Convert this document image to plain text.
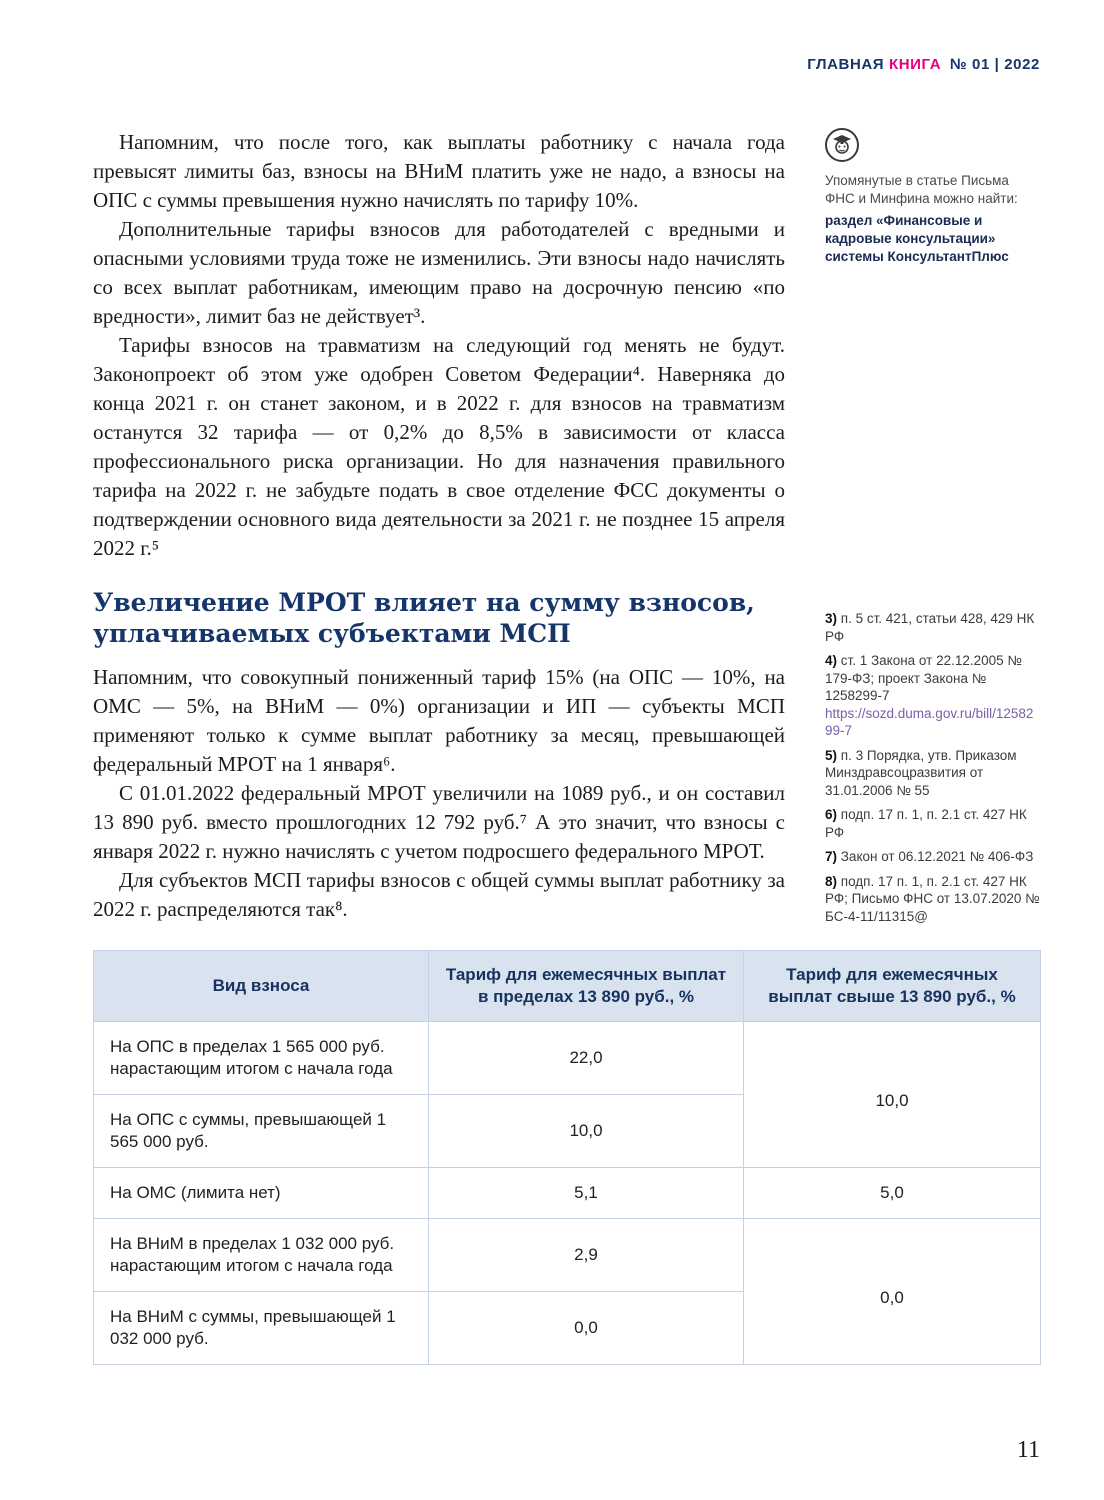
ГЛАВНАЯ КНИГА № 01 | 2022

Напомним, что после того, как выплаты работнику с начала года превысят лимиты баз, взносы на ВНиМ платить уже не надо, а взносы на ОПС с суммы превышения нужно начислять по тарифу 10%.

Дополнительные тарифы взносов для работодателей с вредными и опасными условиями труда тоже не изменились. Эти взносы надо начислять со всех выплат работникам, имеющим право на досрочную пенсию «по вредности», лимит баз не действует³.

Тарифы взносов на травматизм на следующий год менять не будут. Законопроект об этом уже одобрен Советом Федерации⁴. Наверняка до конца 2021 г. он станет законом, и в 2022 г. для взносов на травматизм останутся 32 тарифа — от 0,2% до 8,5% в зависимости от класса профессионального риска организации. Но для назначения правильного тарифа на 2022 г. не забудьте подать в свое отделение ФСС документы о подтверждении основного вида деятельности за 2021 г. не позднее 15 апреля 2022 г.⁵

Увеличение МРОТ влияет на сумму взносов, уплачиваемых субъектами МСП

Напомним, что совокупный пониженный тариф 15% (на ОПС — 10%, на ОМС — 5%, на ВНиМ — 0%) организации и ИП — субъекты МСП применяют только к сумме выплат работнику за месяц, превышающей федеральный МРОТ на 1 января⁶.

С 01.01.2022 федеральный МРОТ увеличили на 1089 руб., и он составил 13 890 руб. вместо прошлогодних 12 792 руб.⁷ А это значит, что взносы с января 2022 г. нужно начислять с учетом подросшего федерального МРОТ.

Для субъектов МСП тарифы взносов с общей суммы выплат работнику за 2022 г. распределяются так⁸.

Упомянутые в статье Письма ФНС и Минфина можно найти:
раздел «Финансовые и кадровые консультации» системы КонсультантПлюс
3) п. 5 ст. 421, статьи 428, 429 НК РФ
4) ст. 1 Закона от 22.12.2005 № 179-ФЗ; проект Закона № 1258299-7
https://sozd.duma.gov.ru/bill/1258299-7
5) п. 3 Порядка, утв. Приказом Минздравсоцразвития от 31.01.2006 № 55
6) подп. 17 п. 1, п. 2.1 ст. 427 НК РФ
7) Закон от 06.12.2021 № 406-ФЗ
8) подп. 17 п. 1, п. 2.1 ст. 427 НК РФ; Письмо ФНС от 13.07.2020 № БС-4-11/11315@
Вид взноса	Тариф для ежемесячных выплат в пределах 13 890 руб., %	Тариф для ежемесячных выплат свыше 13 890 руб., %
На ОПС в пределах 1 565 000 руб. нарастающим итогом с начала года	22,0	10,0
На ОПС с суммы, превышающей 1 565 000 руб.	10,0	
На ОМС (лимита нет)	5,1	5,0
На ВНиМ в пределах 1 032 000 руб. нарастающим итогом с начала года	2,9	0,0
На ВНиМ с суммы, превышающей 1 032 000 руб.	0,0	
11
